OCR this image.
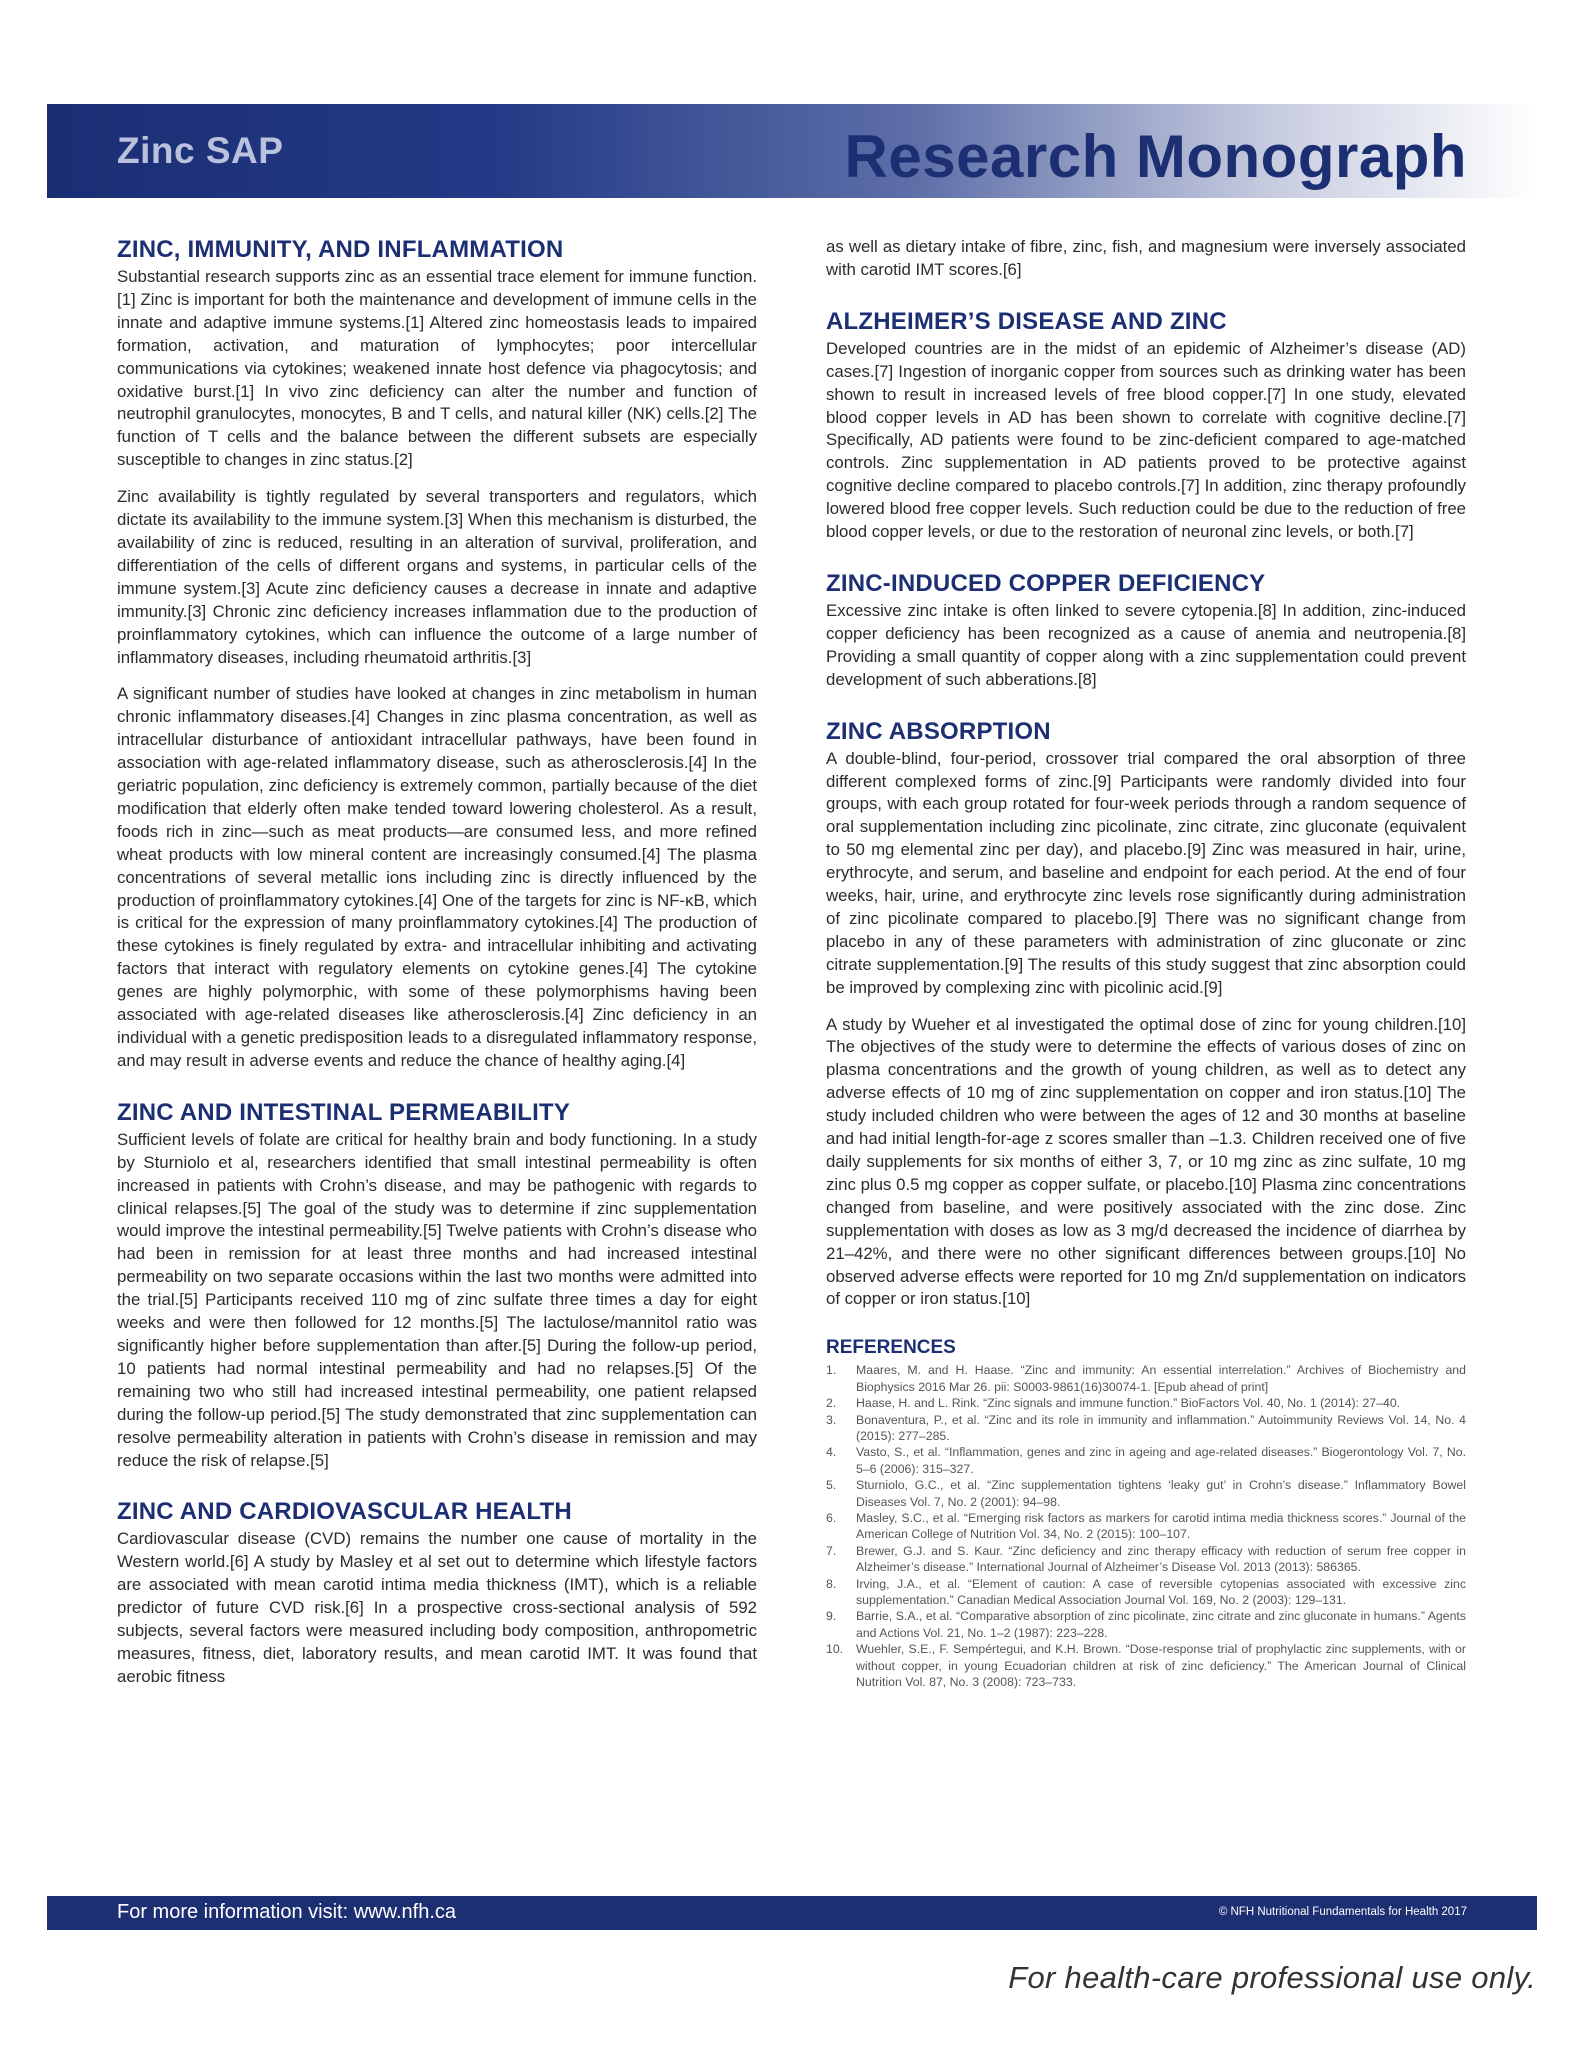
Zinc SAP	Research Monograph
ZINC, IMMUNITY, AND INFLAMMATION

Substantial research supports zinc as an essential trace element for immune function.[1] Zinc is important for both the maintenance and development of immune cells in the innate and adaptive immune systems.[1] Altered zinc homeostasis leads to impaired formation, activation, and maturation of lymphocytes; poor intercellular communications via cytokines; weakened innate host defence via phagocytosis; and oxidative burst.[1] In vivo zinc deficiency can alter the number and function of neutrophil granulocytes, monocytes, B and T cells, and natural killer (NK) cells.[2] The function of T cells and the balance between the different subsets are especially susceptible to changes in zinc status.[2]

Zinc availability is tightly regulated by several transporters and regulators, which dictate its availability to the immune system.[3] When this mechanism is disturbed, the availability of zinc is reduced, resulting in an alteration of survival, proliferation, and differentiation of the cells of different organs and systems, in particular cells of the immune system.[3] Acute zinc deficiency causes a decrease in innate and adaptive immunity.[3] Chronic zinc deficiency increases inflammation due to the production of proinflammatory cytokines, which can influence the outcome of a large number of inflammatory diseases, including rheumatoid arthritis.[3]

A significant number of studies have looked at changes in zinc metabolism in human chronic inflammatory diseases.[4] Changes in zinc plasma concentration, as well as intracellular disturbance of antioxidant intracellular pathways, have been found in association with age-related inflammatory disease, such as atherosclerosis.[4] In the geriatric population, zinc deficiency is extremely common, partially because of the diet modification that elderly often make tended toward lowering cholesterol. As a result, foods rich in zinc—such as meat products—are consumed less, and more refined wheat products with low mineral content are increasingly consumed.[4] The plasma concentrations of several metallic ions including zinc is directly influenced by the production of proinflammatory cytokines.[4] One of the targets for zinc is NF-κB, which is critical for the expression of many proinflammatory cytokines.[4] The production of these cytokines is finely regulated by extra- and intracellular inhibiting and activating factors that interact with regulatory elements on cytokine genes.[4] The cytokine genes are highly polymorphic, with some of these polymorphisms having been associated with age-related diseases like atherosclerosis.[4] Zinc deficiency in an individual with a genetic predisposition leads to a disregulated inflammatory response, and may result in adverse events and reduce the chance of healthy aging.[4]

ZINC AND INTESTINAL PERMEABILITY

Sufficient levels of folate are critical for healthy brain and body functioning. In a study by Sturniolo et al, researchers identified that small intestinal permeability is often increased in patients with Crohn’s disease, and may be pathogenic with regards to clinical relapses.[5] The goal of the study was to determine if zinc supplementation would improve the intestinal permeability.[5] Twelve patients with Crohn’s disease who had been in remission for at least three months and had increased intestinal permeability on two separate occasions within the last two months were admitted into the trial.[5] Participants received 110 mg of zinc sulfate three times a day for eight weeks and were then followed for 12 months.[5] The lactulose/mannitol ratio was significantly higher before supplementation than after.[5] During the follow-up period, 10 patients had normal intestinal permeability and had no relapses.[5] Of the remaining two who still had increased intestinal permeability, one patient relapsed during the follow-up period.[5] The study demonstrated that zinc supplementation can resolve permeability alteration in patients with Crohn’s disease in remission and may reduce the risk of relapse.[5]

ZINC AND CARDIOVASCULAR HEALTH

Cardiovascular disease (CVD) remains the number one cause of mortality in the Western world.[6] A study by Masley et al set out to determine which lifestyle factors are associated with mean carotid intima media thickness (IMT), which is a reliable predictor of future CVD risk.[6] In a prospective cross-sectional analysis of 592 subjects, several factors were measured including body composition, anthropometric measures, fitness, diet, laboratory results, and mean carotid IMT. It was found that aerobic fitness

as well as dietary intake of fibre, zinc, fish, and magnesium were inversely associated with carotid IMT scores.[6]

ALZHEIMER’S DISEASE AND ZINC

Developed countries are in the midst of an epidemic of Alzheimer’s disease (AD) cases.[7] Ingestion of inorganic copper from sources such as drinking water has been shown to result in increased levels of free blood copper.[7] In one study, elevated blood copper levels in AD has been shown to correlate with cognitive decline.[7] Specifically, AD patients were found to be zinc-deficient compared to age-matched controls. Zinc supplementation in AD patients proved to be protective against cognitive decline compared to placebo controls.[7] In addition, zinc therapy profoundly lowered blood free copper levels. Such reduction could be due to the reduction of free blood copper levels, or due to the restoration of neuronal zinc levels, or both.[7]

ZINC-INDUCED COPPER DEFICIENCY

Excessive zinc intake is often linked to severe cytopenia.[8] In addition, zinc-induced copper deficiency has been recognized as a cause of anemia and neutropenia.[8] Providing a small quantity of copper along with a zinc supplementation could prevent development of such abberations.[8]

ZINC ABSORPTION

A double-blind, four-period, crossover trial compared the oral absorption of three different complexed forms of zinc.[9] Participants were randomly divided into four groups, with each group rotated for four-week periods through a random sequence of oral supplementation including zinc picolinate, zinc citrate, zinc gluconate (equivalent to 50 mg elemental zinc per day), and placebo.[9] Zinc was measured in hair, urine, erythrocyte, and serum, and baseline and endpoint for each period. At the end of four weeks, hair, urine, and erythrocyte zinc levels rose significantly during administration of zinc picolinate compared to placebo.[9] There was no significant change from placebo in any of these parameters with administration of zinc gluconate or zinc citrate supplementation.[9] The results of this study suggest that zinc absorption could be improved by complexing zinc with picolinic acid.[9]

A study by Wueher et al investigated the optimal dose of zinc for young children.[10] The objectives of the study were to determine the effects of various doses of zinc on plasma concentrations and the growth of young children, as well as to detect any adverse effects of 10 mg of zinc supplementation on copper and iron status.[10] The study included children who were between the ages of 12 and 30 months at baseline and had initial length-for-age z scores smaller than –1.3. Children received one of five daily supplements for six months of either 3, 7, or 10 mg zinc as zinc sulfate, 10 mg zinc plus 0.5 mg copper as copper sulfate, or placebo.[10] Plasma zinc concentrations changed from baseline, and were positively associated with the zinc dose. Zinc supplementation with doses as low as 3 mg/d decreased the incidence of diarrhea by 21–42%, and there were no other significant differences between groups.[10] No observed adverse effects were reported for 10 mg Zn/d supplementation on indicators of copper or iron status.[10]

REFERENCES
1. Maares, M. and H. Haase. “Zinc and immunity: An essential interrelation.” Archives of Biochemistry and Biophysics 2016 Mar 26. pii: S0003-9861(16)30074-1. [Epub ahead of print]
2. Haase, H. and L. Rink. “Zinc signals and immune function.” BioFactors Vol. 40, No. 1 (2014): 27–40.
3. Bonaventura, P., et al. “Zinc and its role in immunity and inflammation.” Autoimmunity Reviews Vol. 14, No. 4 (2015): 277–285.
4. Vasto, S., et al. “Inflammation, genes and zinc in ageing and age-related diseases.” Biogerontology Vol. 7, No. 5–6 (2006): 315–327.
5. Sturniolo, G.C., et al. “Zinc supplementation tightens ‘leaky gut’ in Crohn’s disease.” Inflammatory Bowel Diseases Vol. 7, No. 2 (2001): 94–98.
6. Masley, S.C., et al. “Emerging risk factors as markers for carotid intima media thickness scores.” Journal of the American College of Nutrition Vol. 34, No. 2 (2015): 100–107.
7. Brewer, G.J. and S. Kaur. “Zinc deficiency and zinc therapy efficacy with reduction of serum free copper in Alzheimer’s disease.” International Journal of Alzheimer’s Disease Vol. 2013 (2013): 586365.
8. Irving, J.A., et al. “Element of caution: A case of reversible cytopenias associated with excessive zinc supplementation.” Canadian Medical Association Journal Vol. 169, No. 2 (2003): 129–131.
9. Barrie, S.A., et al. “Comparative absorption of zinc picolinate, zinc citrate and zinc gluconate in humans.” Agents and Actions Vol. 21, No. 1–2 (1987): 223–228.
10. Wuehler, S.E., F. Sempértegui, and K.H. Brown. “Dose-response trial of prophylactic zinc supplements, with or without copper, in young Ecuadorian children at risk of zinc deficiency.” The American Journal of Clinical Nutrition Vol. 87, No. 3 (2008): 723–733.
For more information visit: www.nfh.ca	© NFH Nutritional Fundamentals for Health 2017
For health-care professional use only.
